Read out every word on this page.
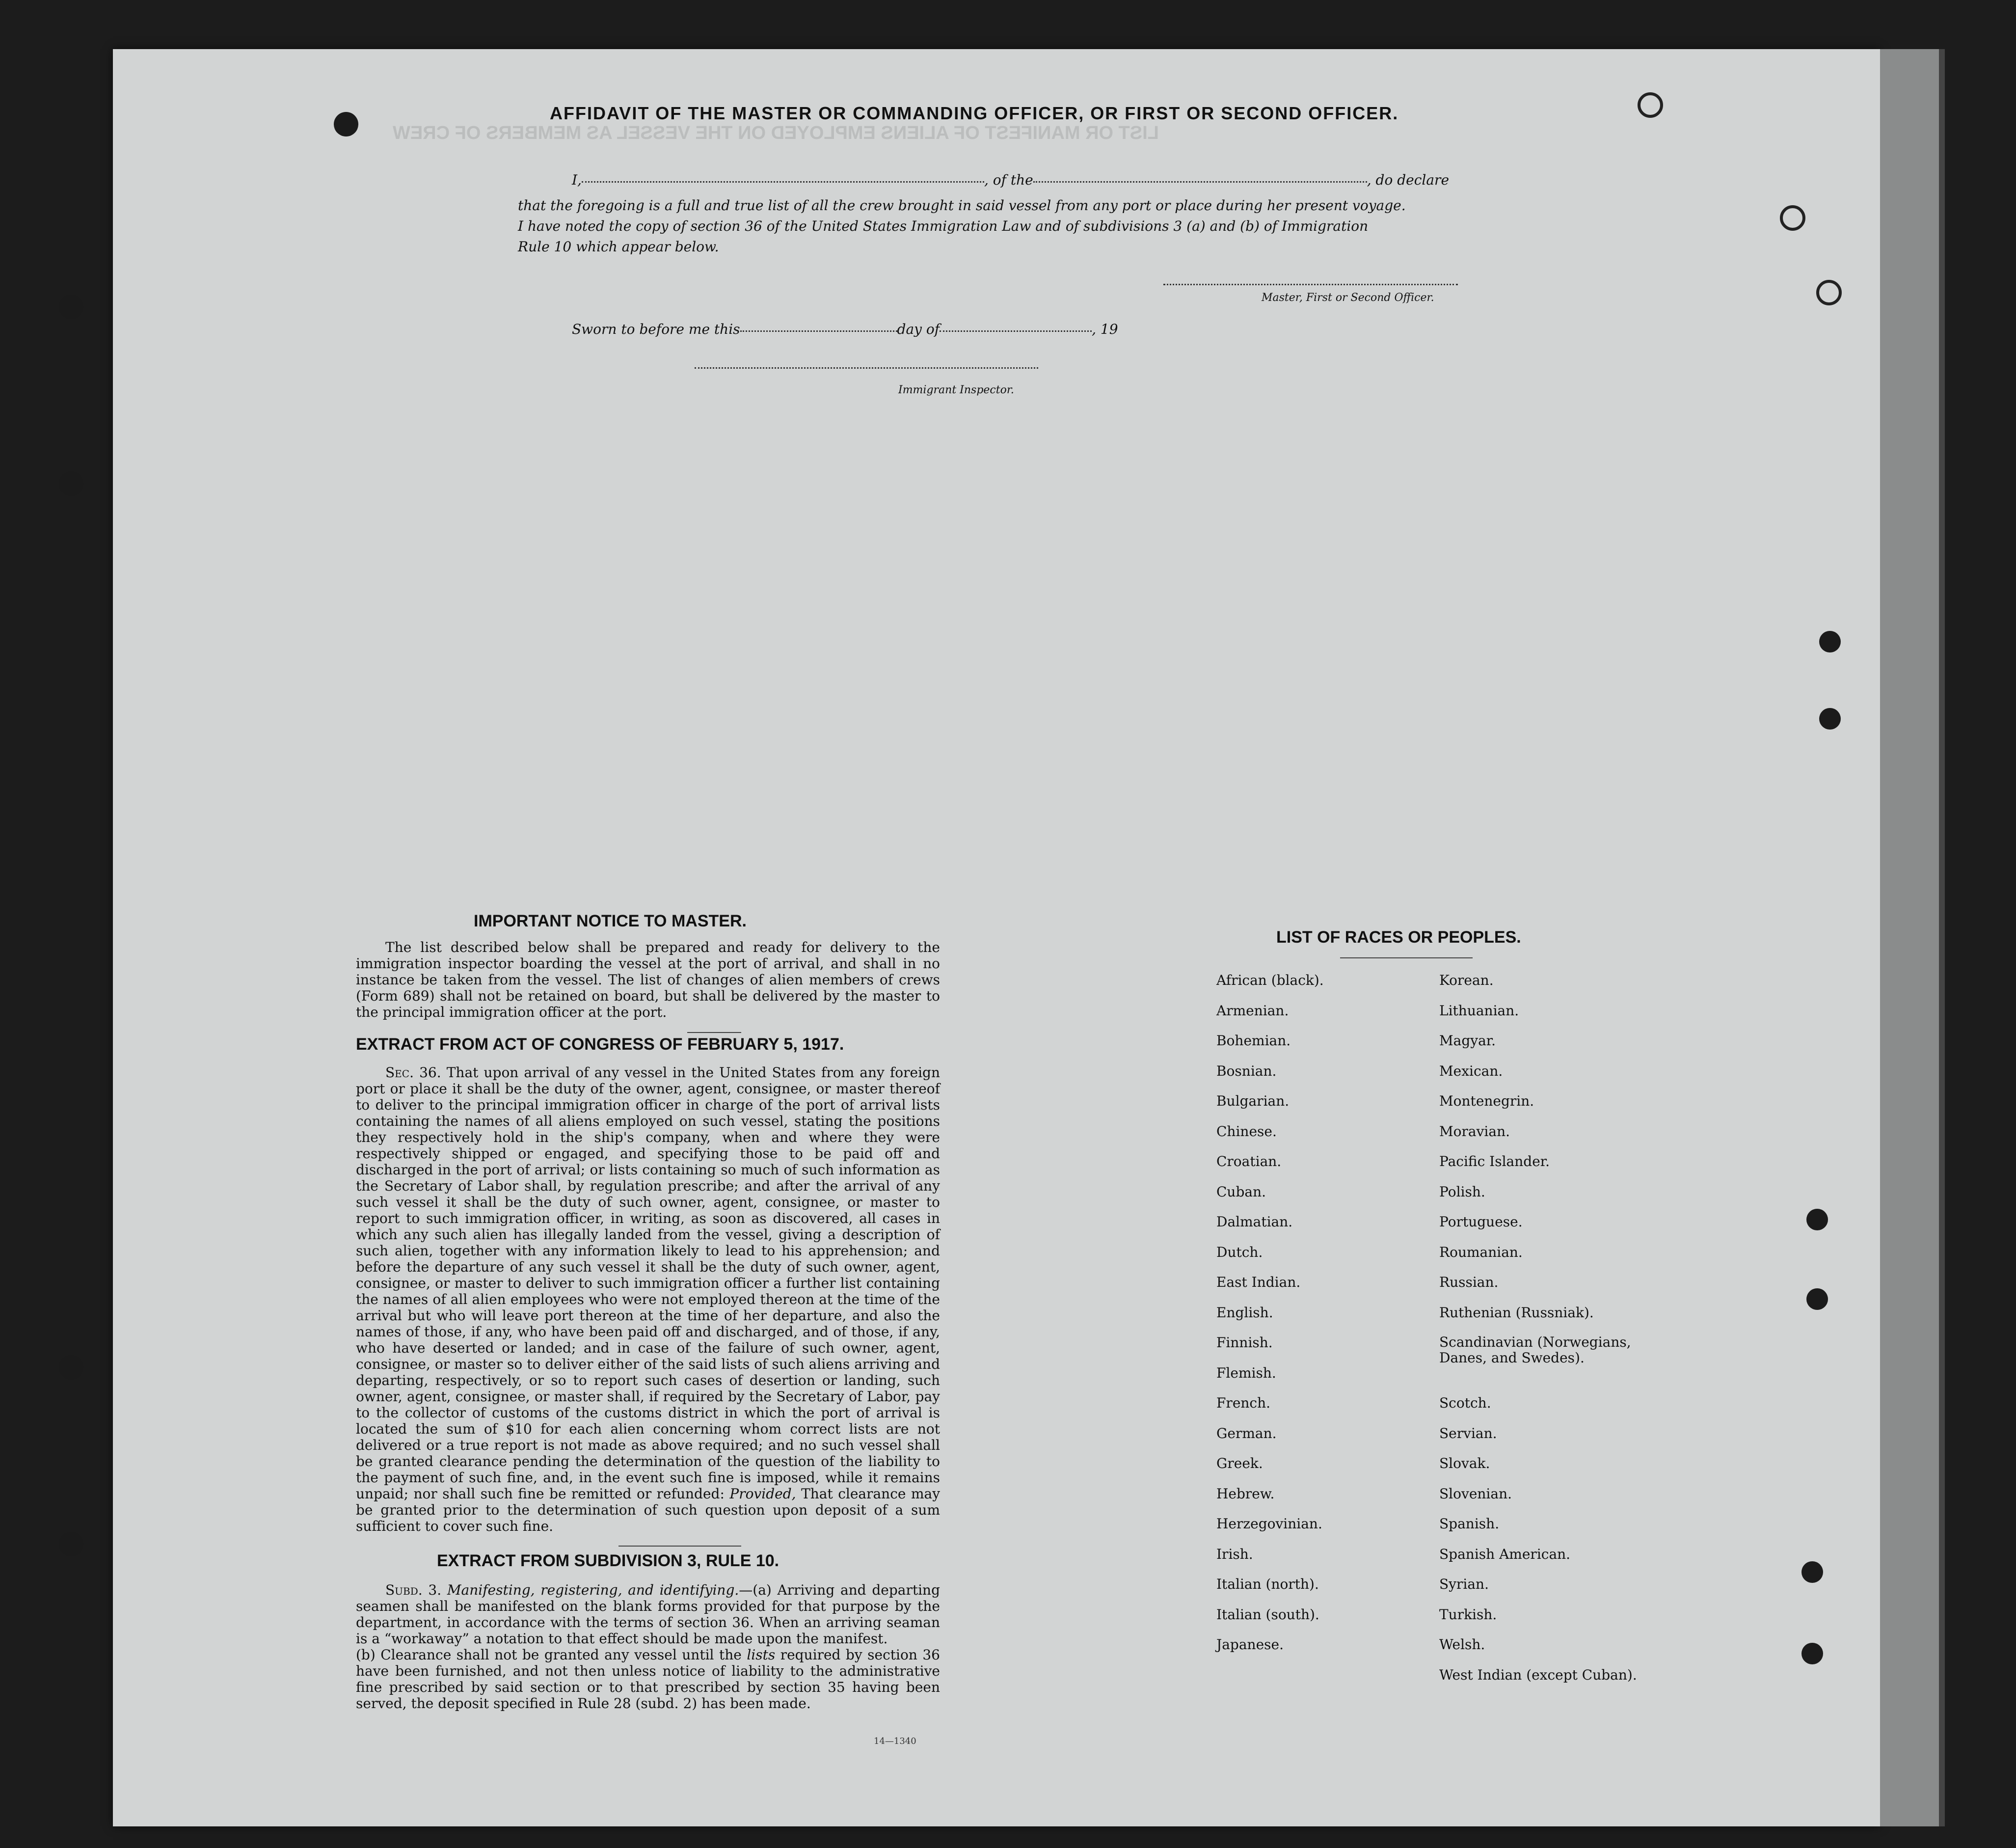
LIST OR MANIFEST OF ALIENS EMPLOYED ON THE VESSEL AS MEMBERS OF CREW
AFFIDAVIT OF THE MASTER OR COMMANDING OFFICER, OR FIRST OR SECOND OFFICER.
I,	, of the	, do declare
that the foregoing is a full and true list of all the crew brought in said vessel from any port or place during her present voyage.
I have noted the copy of section 36 of the United States Immigration Law and of subdivisions 3 (a) and (b) of Immigration
Rule 10 which appear below.
Master, First or Second Officer.
Sworn to before me this	day of	, 19
Immigrant Inspector.
IMPORTANT NOTICE TO MASTER.
The list described below shall be prepared and ready for delivery to the immigration inspector boarding the vessel at the port of arrival, and shall in no instance be taken from the vessel. The list of changes of alien members of crews (Form 689) shall not be retained on board, but shall be delivered by the master to the principal immigration officer at the port.
EXTRACT FROM ACT OF CONGRESS OF FEBRUARY 5, 1917.
Sec. 36. That upon arrival of any vessel in the United States from any foreign port or place it shall be the duty of the owner, agent, consignee, or master thereof to deliver to the principal immigration officer in charge of the port of arrival lists containing the names of all aliens employed on such vessel, stating the positions they respectively hold in the ship's company, when and where they were respectively shipped or engaged, and specifying those to be paid off and discharged in the port of arrival; or lists containing so much of such information as the Secretary of Labor shall, by regulation prescribe; and after the arrival of any such vessel it shall be the duty of such owner, agent, consignee, or master to report to such immigration officer, in writing, as soon as discovered, all cases in which any such alien has illegally landed from the vessel, giving a description of such alien, together with any information likely to lead to his apprehension; and before the departure of any such vessel it shall be the duty of such owner, agent, consignee, or master to deliver to such immigration officer a further list containing the names of all alien employees who were not employed thereon at the time of the arrival but who will leave port thereon at the time of her departure, and also the names of those, if any, who have been paid off and discharged, and of those, if any, who have deserted or landed; and in case of the failure of such owner, agent, consignee, or master so to deliver either of the said lists of such aliens arriving and departing, respectively, or so to report such cases of desertion or landing, such owner, agent, consignee, or master shall, if required by the Secretary of Labor, pay to the collector of customs of the customs district in which the port of arrival is located the sum of $10 for each alien concerning whom correct lists are not delivered or a true report is not made as above required; and no such vessel shall be granted clearance pending the determination of the question of the liability to the payment of such fine, and, in the event such fine is imposed, while it remains unpaid; nor shall such fine be remitted or refunded: Provided, That clearance may be granted prior to the determination of such question upon deposit of a sum sufficient to cover such fine.
EXTRACT FROM SUBDIVISION 3, RULE 10.

Subd. 3. Manifesting, registering, and identifying.—(a) Arriving and departing seamen shall be manifested on the blank forms provided for that purpose by the department, in accordance with the terms of section 36. When an arriving seaman is a “workaway” a notation to that effect should be made upon the manifest.

(b) Clearance shall not be granted any vessel until the lists required by section 36 have been furnished, and not then unless notice of liability to the administrative fine prescribed by said section or to that prescribed by section 35 having been served, the deposit specified in Rule 28 (subd. 2) has been made.

14—1340
LIST OF RACES OR PEOPLES.
African (black).
Armenian.
Bohemian.
Bosnian.
Bulgarian.
Chinese.
Croatian.
Cuban.
Dalmatian.
Dutch.
East Indian.
English.
Finnish.
Flemish.
French.
German.
Greek.
Hebrew.
Herzegovinian.
Irish.
Italian (north).
Italian (south).
Japanese.
Korean.
Lithuanian.
Magyar.
Mexican.
Montenegrin.
Moravian.
Pacific Islander.
Polish.
Portuguese.
Roumanian.
Russian.
Ruthenian (Russniak).
Scandinavian (Norwegians, Danes, and Swedes).
Scotch.
Servian.
Slovak.
Slovenian.
Spanish.
Spanish American.
Syrian.
Turkish.
Welsh.
West Indian (except Cuban).
